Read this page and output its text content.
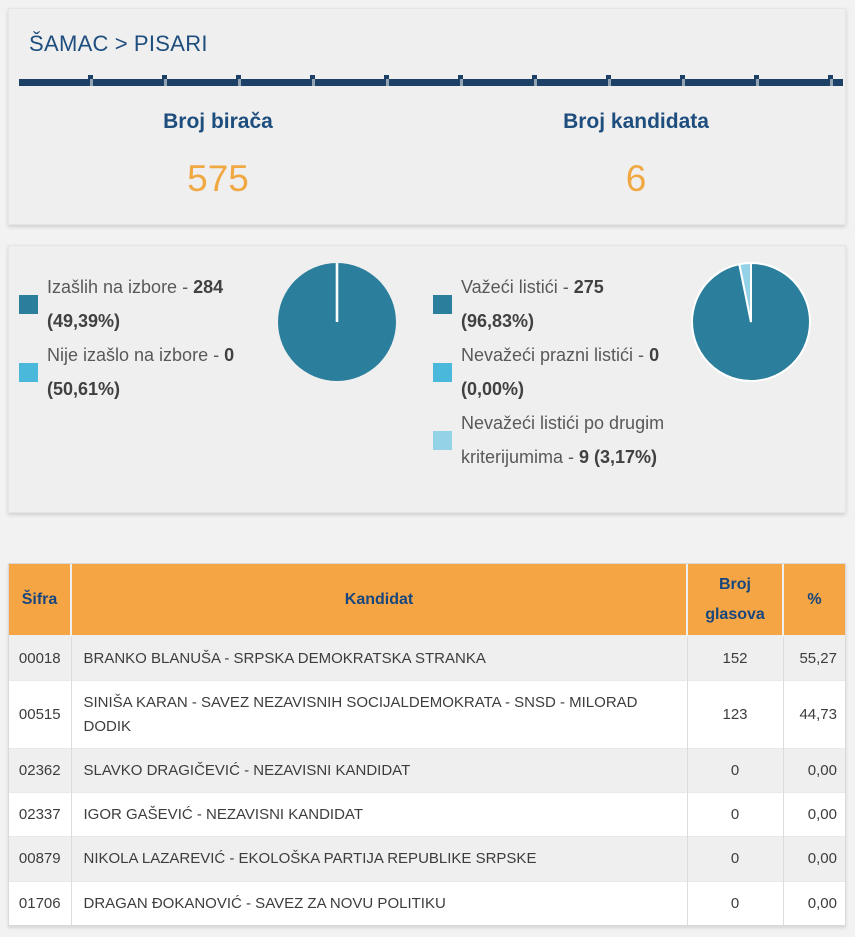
ŠAMAC > PISARI
Broj birača
575
Broj kandidata
6
Izašlih na izbore - 284 (49,39%)
Nije izašlo na izbore - 0 (50,61%)
Važeći listići - 275 (96,83%)
Nevažeći prazni listići - 0 (0,00%)
Nevažeći listići po drugim kriterijumima - 9 (3,17%)
Šifra	Kandidat	Broj glasova	%
00018	BRANKO BLANUŠA - SRPSKA DEMOKRATSKA STRANKA	152	55,27
00515	SINIŠA KARAN - SAVEZ NEZAVISNIH SOCIJALDEMOKRATA - SNSD - MILORAD DODIK	123	44,73
02362	SLAVKO DRAGIČEVIĆ - NEZAVISNI KANDIDAT	0	0,00
02337	IGOR GAŠEVIĆ - NEZAVISNI KANDIDAT	0	0,00
00879	NIKOLA LAZAREVIĆ - EKOLOŠKA PARTIJA REPUBLIKE SRPSKE	0	0,00
01706	DRAGAN ĐOKANOVIĆ - SAVEZ ZA NOVU POLITIKU	0	0,00
